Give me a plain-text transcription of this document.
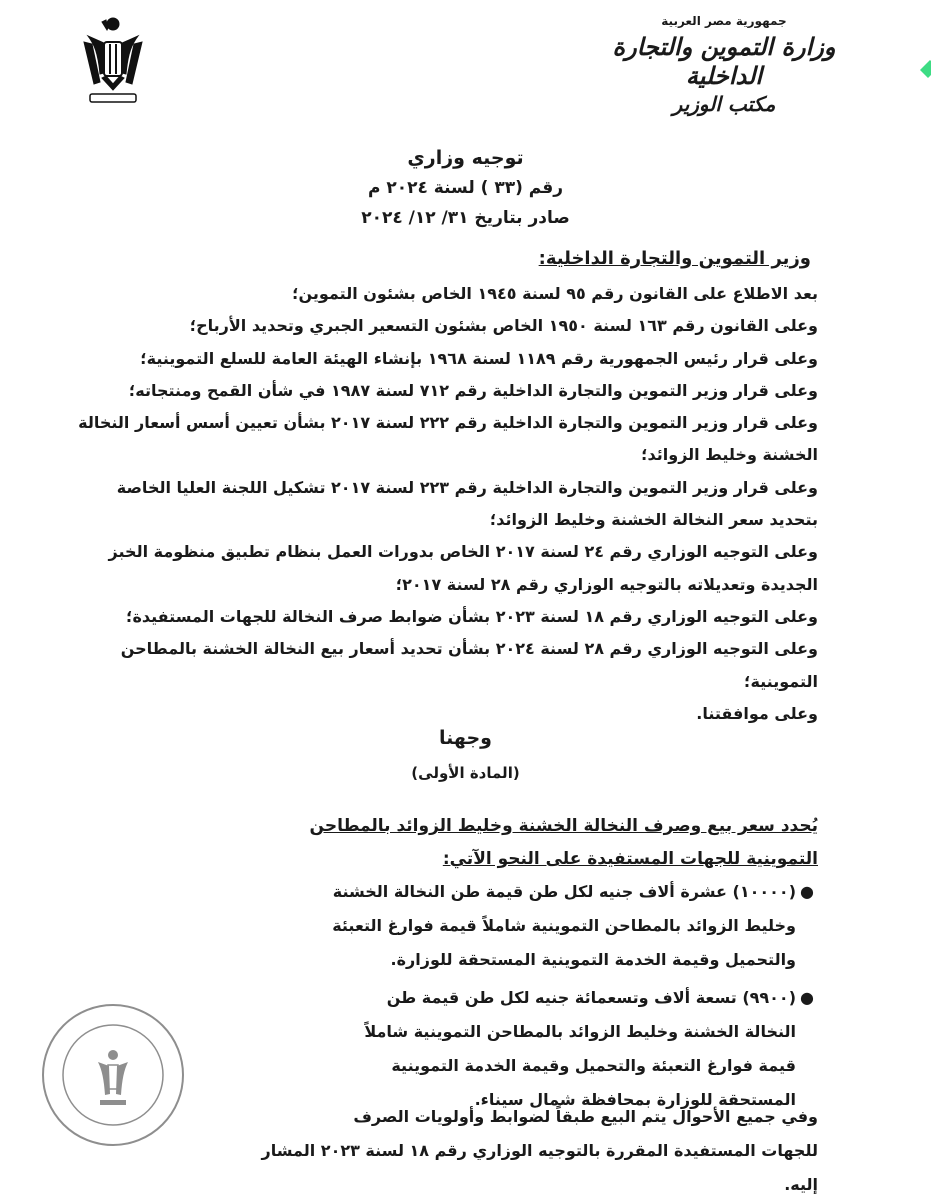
جمهورية مصر العربية
وزارة التموين والتجارة الداخلية
مكتب الوزير
توجيه وزاري
رقم (٣٣ ) لسنة ٢٠٢٤ م
صادر بتاريخ ٣١/ ١٢/ ٢٠٢٤
وزير التموين والتجارة الداخلية:
بعد الاطلاع على القانون رقم ٩٥ لسنة ١٩٤٥ الخاص بشئون التموين؛
وعلى القانون رقم ١٦٣ لسنة ١٩٥٠ الخاص بشئون التسعير الجبري وتحديد الأرباح؛
وعلى قرار رئيس الجمهورية رقم ١١٨٩ لسنة ١٩٦٨ بإنشاء الهيئة العامة للسلع التموينية؛
وعلى قرار وزير التموين والتجارة الداخلية رقم ٧١٢ لسنة ١٩٨٧ في شأن القمح ومنتجاته؛
وعلى قرار وزير التموين والتجارة الداخلية رقم ٢٢٢ لسنة ٢٠١٧ بشأن تعيين أسس أسعار النخالة
الخشنة وخليط الزوائد؛
وعلى قرار وزير التموين والتجارة الداخلية رقم ٢٢٣ لسنة ٢٠١٧ تشكيل اللجنة العليا الخاصة
بتحديد سعر النخالة الخشنة وخليط الزوائد؛
وعلى التوجيه الوزاري رقم ٢٤ لسنة ٢٠١٧ الخاص بدورات العمل بنظام تطبيق منظومة الخبز
الجديدة وتعديلاته بالتوجيه الوزاري رقم ٢٨ لسنة ٢٠١٧؛
وعلى التوجيه الوزاري رقم ١٨ لسنة ٢٠٢٣ بشأن ضوابط صرف النخالة للجهات المستفيدة؛
وعلى التوجيه الوزاري رقم ٢٨ لسنة ٢٠٢٤ بشأن تحديد أسعار بيع النخالة الخشنة بالمطاحن
التموينية؛
وعلى موافقتنا.
وجهنا
(المادة الأولى)
يُحدد سعر بيع وصرف النخالة الخشنة وخليط الزوائد بالمطاحن
التموينية للجهات المستفيدة على النحو الآتي:
●
(١٠٠٠٠) عشرة ألاف جنيه لكل طن قيمة طن النخالة الخشنة
وخليط الزوائد بالمطاحن التموينية شاملاً قيمة فوارغ التعبئة
والتحميل وقيمة الخدمة التموينية المستحقة للوزارة.
●
(٩٩٠٠) تسعة ألاف وتسعمائة جنيه لكل طن قيمة طن
النخالة الخشنة وخليط الزوائد بالمطاحن التموينية شاملاً
قيمة فوارغ التعبئة والتحميل وقيمة الخدمة التموينية
المستحقة للوزارة بمحافظة شمال سيناء.
وفي جميع الأحوال يتم البيع طبقاً لضوابط وأولويات الصرف
للجهات المستفيدة المقررة بالتوجيه الوزاري رقم ١٨ لسنة ٢٠٢٣ المشار
إليه.
